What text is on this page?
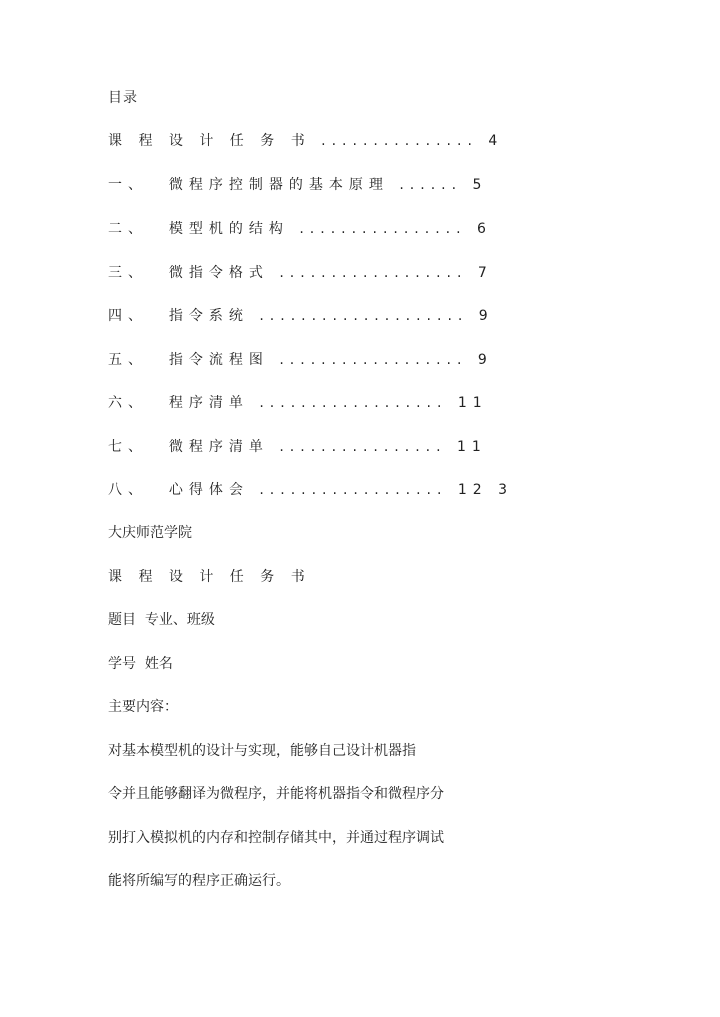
目录
课 程 设 计 任 务 书 ............... 4
一、  微程序控制器的基本原理 ...... 5
二、  模型机的结构 ................ 6
三、  微指令格式 .................. 7
四、  指令系统 .................... 9
五、  指令流程图 .................. 9
六、  程序清单 .................. 11
七、  微程序清单 ................ 11
八、  心得体会 .................. 12 3
大庆师范学院
课 程 设 计 任 务 书
题目  专业、班级
学号  姓名
主要内容：
对基本模型机的设计与实现，能够自己设计机器指
令并且能够翻译为微程序，并能将机器指令和微程序分
别打入模拟机的内存和控制存储其中，并通过程序调试
能将所编写的程序正确运行。
